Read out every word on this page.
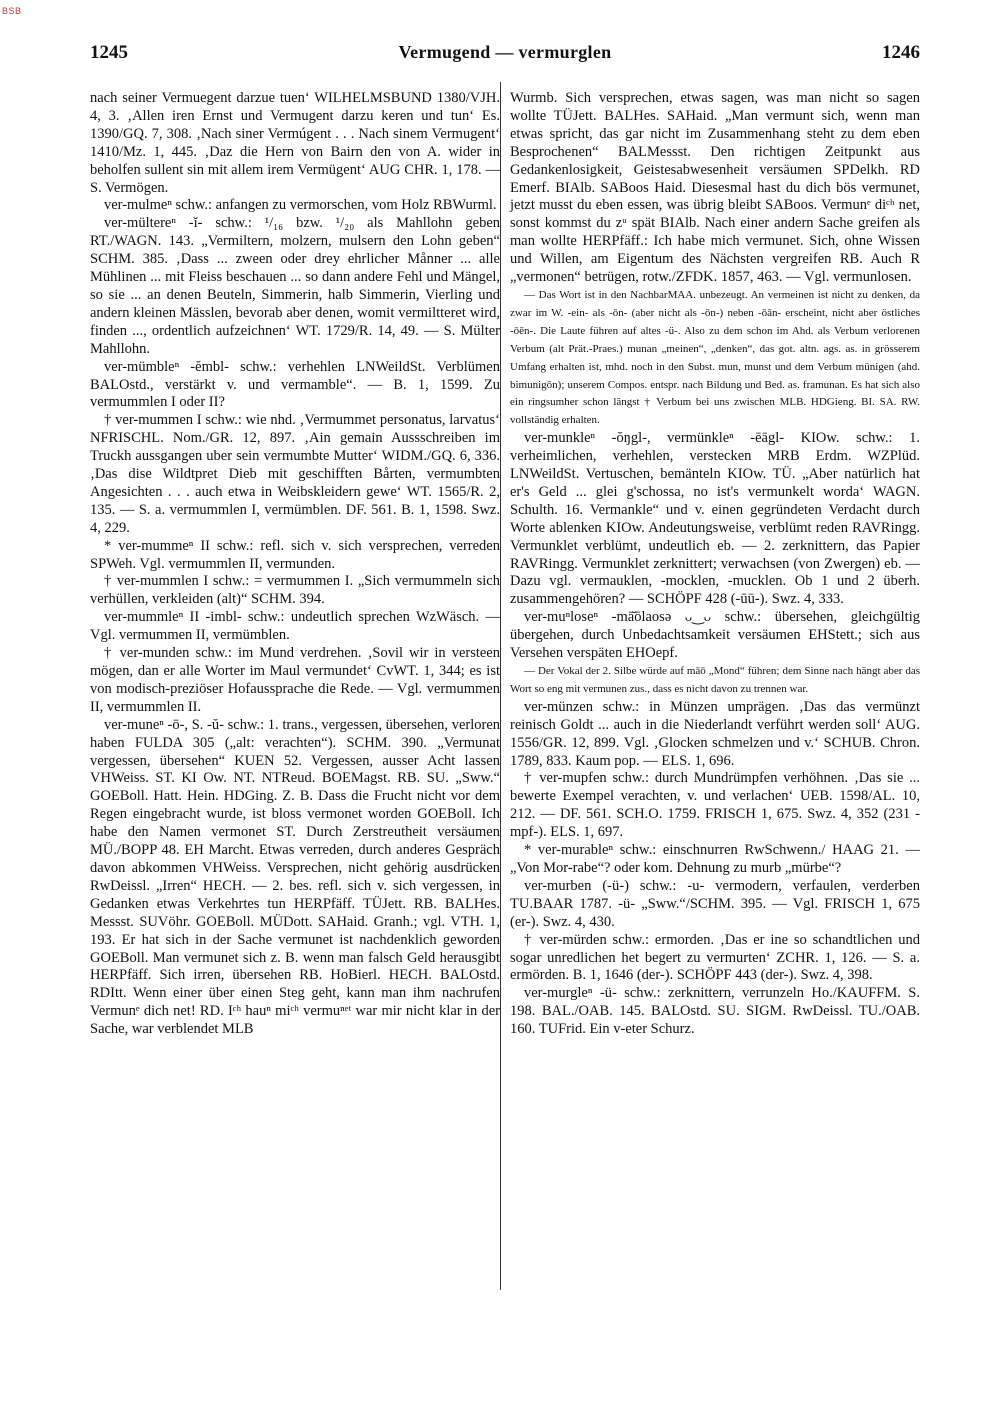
BSB
1245	Vermugend — vermurglen	1246

nach seiner Vermuegent darzue tuen‘ WILHELMSBUND 1380/VJH. 4, 3. ‚Allen iren Ernst und Vermugent darzu keren und tun‘ Es. 1390/GQ. 7, 308. ‚Nach siner Vermúgent . . . Nach sinem Vermugent‘ 1410/Mz. 1, 445. ‚Daz die Hern von Bairn den von A. wider in beholfen sullent sin mit allem irem Vermügent‘ AUG CHR. 1, 178. — S. Vermögen.

ver-mulmeⁿ schw.: anfangen zu vermorschen, vom Holz RBWurml.

ver-mülterеⁿ -ĭ- schw.: ¹/₁₆ bzw. ¹/₂₀ als Mahllohn geben RT./WAGN. 143. „Vermiltern, molzern, mulsern den Lohn geben“ SCHM. 385. ‚Dass ... zween oder drey ehrlicher Månner ... alle Mühlinen ... mit Fleiss beschauen ... so dann andere Fehl und Mängel, so sie ... an denen Beuteln, Simmerin, halb Simmerin, Vierling und andern kleinen Mässlen, bevorab aber denen, womit vermiltteret wird, finden ..., ordentlich aufzeichnen‘ WT. 1729/R. 14, 49. — S. Mülter Mahllohn.

ver-mümbleⁿ -ĕmbl- schw.: verhehlen LNWeildSt. Verblümen BALOstd., verstärkt v. und vermamble“. — B. 1, 1599. Zu vermummlen I oder II?

† ver-mummen I schw.: wie nhd. ‚Vermummet personatus, larvatus‘ NFRISCHL. Nom./GR. 12, 897. ‚Ain gemain Aussschreiben im Truckh aussgangen uber sein vermumbte Mutter‘ WIDM./GQ. 6, 336. ‚Das dise Wildtpret Dieb mit geschifften Bårten, vermumbten Angesichten . . . auch etwa in Weibskleidern gewe‘ WT. 1565/R. 2, 135. — S. a. vermummlen I, vermümblen. DF. 561. B. 1, 1598. Swz. 4, 229.

* ver-mummeⁿ II schw.: refl. sich v. sich versprechen, verreden SPWeh. Vgl. vermummlen II, vermunden.

† ver-mummlen I schw.: = vermummen I. „Sich vermummeln sich verhüllen, verkleiden (alt)“ SCHM. 394.

ver-mummleⁿ II -imbl- schw.: undeutlich sprechen WzWäsch. — Vgl. vermummen II, vermümblen.

† ver-munden schw.: im Mund verdrehen. ‚Sovil wir in versteen mögen, dan er alle Worter im Maul vermundet‘ CvWT. 1, 344; es ist von modisch-preziöser Hofaussprache die Rede. — Vgl. vermummen II, vermummlen II.

ver-muneⁿ -ō-, S. -ŭ- schw.: 1. trans., vergessen, übersehen, verloren haben FULDA 305 („alt: verachten“). SCHM. 390. „Vermunat vergessen, übersehen“ KUEN 52. Vergessen, ausser Acht lassen VHWeiss. ST. KI Ow. NT. NTReud. BOEMagst. RB. SU. „Sww.“ GOEBoll. Hatt. Hein. HDGing. Z. B. Dass die Frucht nicht vor dem Regen eingebracht wurde, ist bloss vermonet worden GOEBoll. Ich habe den Namen vermonet ST. Durch Zerstreutheit versäumen MÜ./BOPP 48. EH Marcht. Etwas verreden, durch anderes Gespräch davon abkommen VHWeiss. Versprechen, nicht gehörig ausdrücken RwDeissl. „Irren“ HECH. — 2. bes. refl. sich v. sich vergessen, in Gedanken etwas Verkehrtes tun HERPfäff. TÜJett. RB. BALHes. Messst. SUVöhr. GOEBoll. MÜDott. SAHaid. Granh.; vgl. VTH. 1, 193. Er hat sich in der Sache vermunet ist nachdenklich geworden GOEBoll. Man vermunet sich z. B. wenn man falsch Geld herausgibt HERPfäff. Sich irren, übersehen RB. HoBierl. HECH. BALOstd. RDItt. Wenn einer über einen Steg geht, kann man ihm nachrufen Vermunᵉ dich net! RD. Iᶜʰ hauⁿ miᶜʰ vermuⁿᵉᵗ war mir nicht klar in der Sache, war verblendet MLB

Wurmb. Sich versprechen, etwas sagen, was man nicht so sagen wollte TÜJett. BALHes. SAHaid. „Man vermunt sich, wenn man etwas spricht, das gar nicht im Zusammenhang steht zu dem eben Besprochenen“ BALMessst. Den richtigen Zeitpunkt aus Gedankenlosigkeit, Geistesabwesenheit versäumen SPDelkh. RD Emerf. BIAlb. SABoos Haid. Diesesmal hast du dich bös vermunet, jetzt musst du eben essen, was übrig bleibt SABoos. Vermunᵉ diᶜʰ net, sonst kommst du zᵘ spät BIAlb. Nach einer andern Sache greifen als man wollte HERPfäff.: Ich habe mich vermunet. Sich, ohne Wissen und Willen, am Eigentum des Nächsten vergreifen RB. Auch R „vermonen“ betrügen, rotw./ZFDK. 1857, 463. — Vgl. vermunlosen.

— Das Wort ist in den NachbarMAA. unbezeugt. An vermeinen ist nicht zu denken, da zwar im W. -ein- als -ōn- (aber nicht als -ōn-) neben -ōān- erscheint, nicht aber östliches -ōēn-. Die Laute führen auf altes -ü-. Also zu dem schon im Ahd. als Verbum verlorenen Verbum (alt Prät.-Praes.) munan „meinen“, „denken“, das got. altn. ags. as. in grösserem Umfang erhalten ist, mhd. noch in den Subst. mun, munst und dem Verbum münigen (ahd. bimunigōn); unserem Compos. entspr. nach Bildung und Bed. as. framunan. Es hat sich also ein ringsumher schon längst † Verbum bei uns zwischen MLB. HDGieng. BI. SA. RW. vollständig erhalten.

ver-munkleⁿ -ŏŋgl-, vermünkleⁿ -ēāgl- KIOw. schw.: 1. verheimlichen, verhehlen, verstecken MRB Erdm. WZPlüd. LNWeildSt. Vertuschen, bemänteln KIOw. TÜ. „Aber natürlich hat er's Geld ... glei g'schossa, no ist's vermunkelt worda‘ WAGN. Schulth. 16. Vermankle“ und v. einen gegründeten Verdacht durch Worte ablenken KIOw. Andeutungsweise, verblümt reden RAVRingg. Vermunklet verblümt, undeutlich eb. — 2. zerknittern, das Papier RAVRingg. Vermunklet zerknittert; verwachsen (von Zwergen) eb. — Dazu vgl. vermauklen, -mocklen, -mucklen. Ob 1 und 2 überh. zusammengehören? — SCHÖPF 428 (-ūū-). Swz. 4, 333.

ver-muⁿloseⁿ -mā̆ōlaosә ᴗ‿ᴗ schw.: übersehen, gleichgültig übergehen, durch Unbedachtsamkeit versäumen EHStett.; sich aus Versehen verspäten EHOepf.

— Der Vokal der 2. Silbe würde auf māō „Mond“ führen; dem Sinne nach hängt aber das Wort so eng mit vermunen zus., dass es nicht davon zu trennen war.

ver-münzen schw.: in Münzen umprägen. ‚Das das vermünzt reinisch Goldt ... auch in die Niederlandt verführt werden soll‘ AUG. 1556/GR. 12, 899. Vgl. ‚Glocken schmelzen und v.‘ SCHUB. Chron. 1789, 833. Kaum pop. — ELS. 1, 696.

† ver-mupfen schw.: durch Mundrümpfen verhöhnen. ‚Das sie ... bewerte Exempel verachten, v. und verlachen‘ UEB. 1598/AL. 10, 212. — DF. 561. SCH.O. 1759. FRISCH 1, 675. Swz. 4, 352 (231 -mpf-). ELS. 1, 697.

* ver-murableⁿ schw.: einschnurren RwSchwenn./ HAAG 21. — „Von Mor-rabe“? oder kom. Dehnung zu murb „mürbe“?

ver-murben (-ü-) schw.: -u- vermodern, verfaulen, verderben TU.BAAR 1787. -ü- „Sww.“/SCHM. 395. — Vgl. FRISCH 1, 675 (er-). Swz. 4, 430.

† ver-mürden schw.: ermorden. ‚Das er ine so schandtlichen und sogar unredlichen het begert zu vermurten‘ ZCHR. 1, 126. — S. a. ermörden. B. 1, 1646 (der-). SCHÖPF 443 (der-). Swz. 4, 398.

ver-murgleⁿ -ü- schw.: zerknittern, verrunzeln Ho./KAUFFM. S. 198. BAL./OAB. 145. BALOstd. SU. SIGM. RwDeissl. TU./OAB. 160. TUFrid. Ein v-eter Schurz.
